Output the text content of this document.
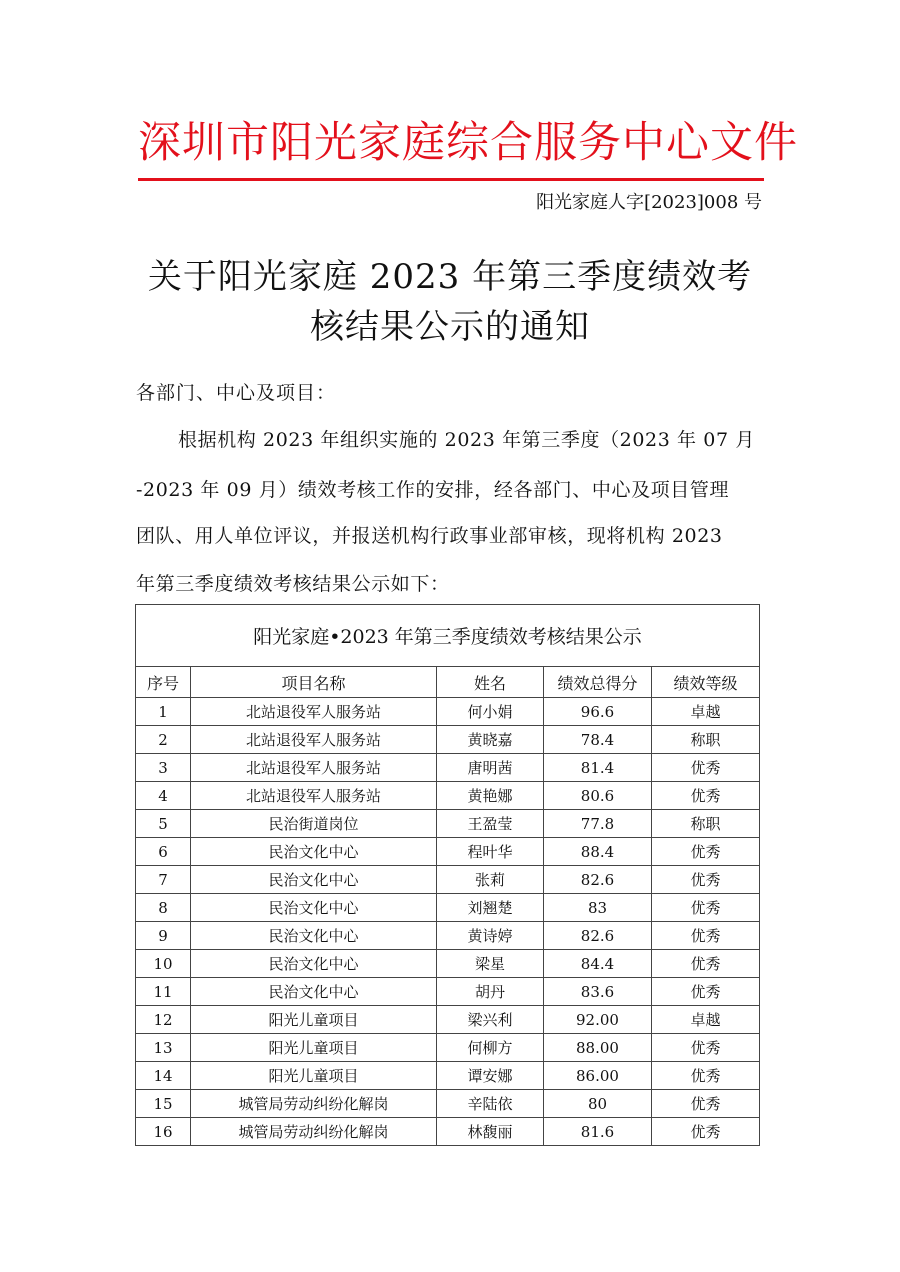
深圳市阳光家庭综合服务中心文件
阳光家庭人字[2023]008 号
关于阳光家庭 2023 年第三季度绩效考
核结果公示的通知
各部门、中心及项目：
根据机构 2023 年组织实施的 2023 年第三季度（2023 年 07 月
-2023 年 09 月）绩效考核工作的安排，经各部门、中心及项目管理
团队、用人单位评议，并报送机构行政事业部审核，现将机构 2023
年第三季度绩效考核结果公示如下：
阳光家庭•2023 年第三季度绩效考核结果公示				
序号	项目名称	姓名	绩效总得分	绩效等级
1	北站退役军人服务站	何小娟	96.6	卓越
2	北站退役军人服务站	黄晓嘉	78.4	称职
3	北站退役军人服务站	唐明茜	81.4	优秀
4	北站退役军人服务站	黄艳娜	80.6	优秀
5	民治街道岗位	王盈莹	77.8	称职
6	民治文化中心	程叶华	88.4	优秀
7	民治文化中心	张莉	82.6	优秀
8	民治文化中心	刘翘楚	83	优秀
9	民治文化中心	黄诗婷	82.6	优秀
10	民治文化中心	梁星	84.4	优秀
11	民治文化中心	胡丹	83.6	优秀
12	阳光儿童项目	梁兴利	92.00	卓越
13	阳光儿童项目	何柳方	88.00	优秀
14	阳光儿童项目	谭安娜	86.00	优秀
15	城管局劳动纠纷化解岗	辛陆依	80	优秀
16	城管局劳动纠纷化解岗	林馥丽	81.6	优秀
